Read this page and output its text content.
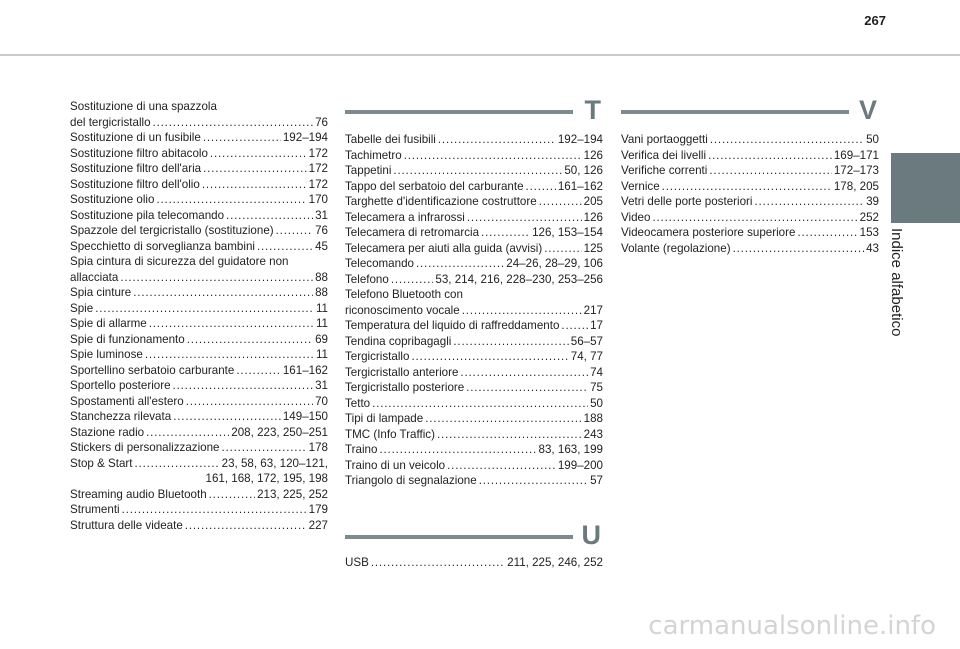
267
Indice alfabetico
Sostituzione di una spazzola
del tergicristallo . . .	76
Sostituzione di un fusibile . . .	192–194
Sostituzione filtro abitacolo . . .	172
Sostituzione filtro dell'aria . . .	172
Sostituzione filtro dell'olio . . .	172
Sostituzione olio . . .	170
Sostituzione pila telecomando . . .	31
Spazzole del tergicristallo (sostituzione) . . .	76
Specchietto di sorveglianza bambini . . .	45
Spia cintura di sicurezza del guidatore non
allacciata . . .	88
Spia cinture . . .	88
Spie . . .	11
Spie di allarme . . .	11
Spie di funzionamento . . .	69
Spie luminose . . .	11
Sportellino serbatoio carburante . . .	161–162
Sportello posteriore . . .	31
Spostamenti all'estero . . .	70
Stanchezza rilevata . . .	149–150
Stazione radio . . .	208, 223, 250–251
Stickers di personalizzazione . . .	178
Stop & Start . . .	23, 58, 63, 120–121,
161, 168, 172, 195, 198
Streaming audio Bluetooth . . .	213, 225, 252
Strumenti . . .	179
Struttura delle videate . . .	227
T
Tabelle dei fusibili . . .	192–194
Tachimetro . . .	126
Tappetini . . .	50, 126
Tappo del serbatoio del carburante . . .	161–162
Targhette d'identificazione costruttore . . .	205
Telecamera a infrarossi . . .	126
Telecamera di retromarcia . . .	126, 153–154
Telecamera per aiuti alla guida (avvisi) . . .	125
Telecomando . . .	24–26, 28–29, 106
Telefono . . .	53, 214, 216, 228–230, 253–256
Telefono Bluetooth con
riconoscimento vocale . . .	217
Temperatura del liquido di raffreddamento . . .	17
Tendina copribagagli . . .	56–57
Tergicristallo . . .	74, 77
Tergicristallo anteriore . . .	74
Tergicristallo posteriore . . .	75
Tetto . . .	50
Tipi di lampade . . .	188
TMC (Info Traffic) . . .	243
Traino . . .	83, 163, 199
Traino di un veicolo . . .	199–200
Triangolo di segnalazione . . .	57
U
USB . . .	211, 225, 246, 252
V
Vani portaoggetti . . .	50
Verifica dei livelli . . .	169–171
Verifiche correnti . . .	172–173
Vernice . . .	178, 205
Vetri delle porte posteriori . . .	39
Video . . .	252
Videocamera posteriore superiore . . .	153
Volante (regolazione) . . .	43
carmanualsonline.info
